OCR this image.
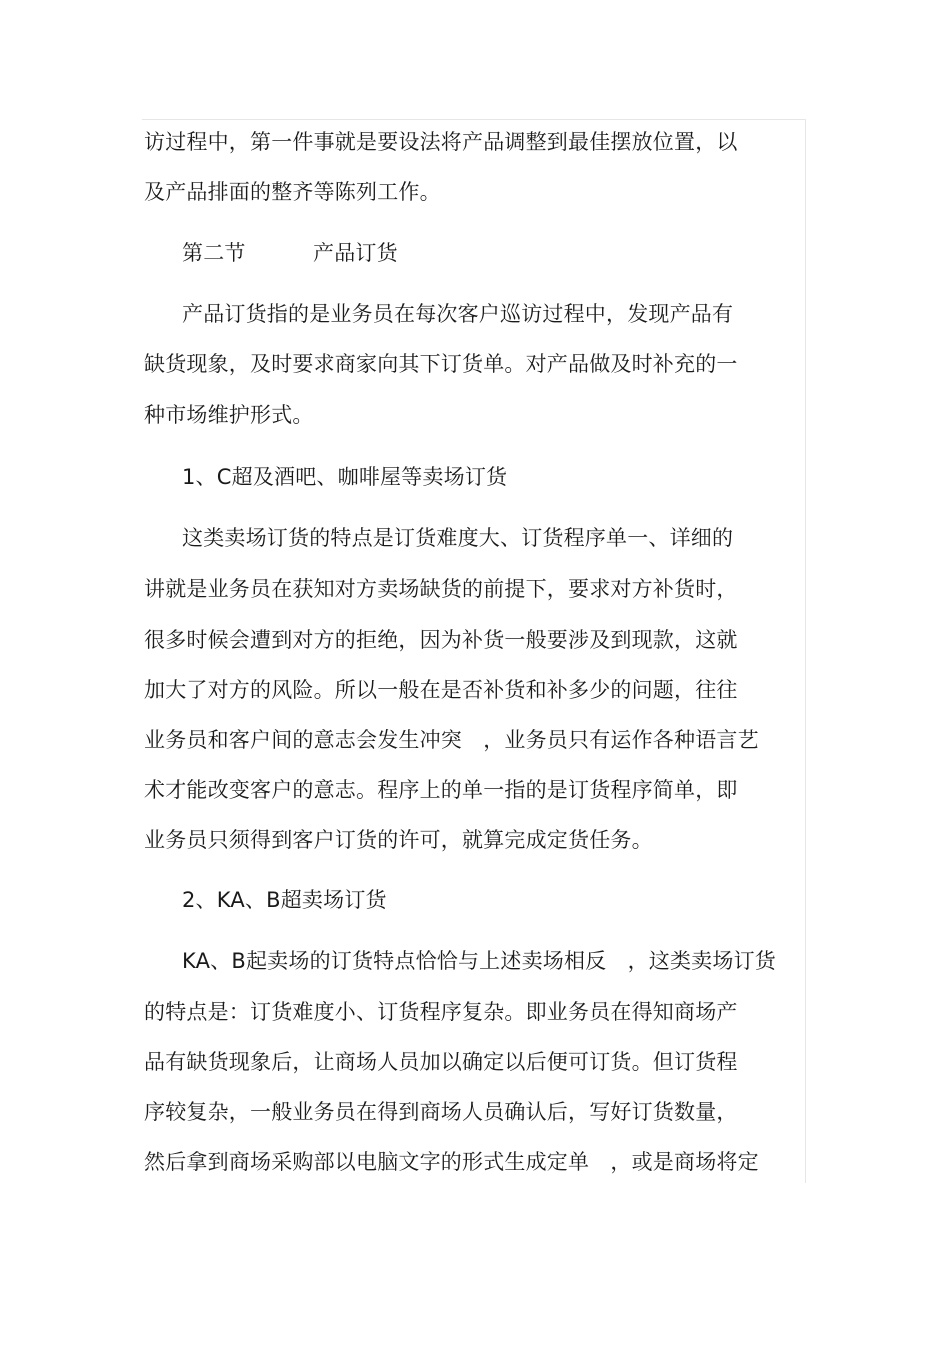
访过程中，第一件事就是要设法将产品调整到最佳摆放位置，以
及产品排面的整齐等陈列工作。
第二节	产品订货
产品订货指的是业务员在每次客户巡访过程中，发现产品有
缺货现象，及时要求商家向其下订货单。对产品做及时补充的一
种市场维护形式。
1、C超及酒吧、咖啡屋等卖场订货
这类卖场订货的特点是订货难度大、订货程序单一、详细的
讲就是业务员在获知对方卖场缺货的前提下，要求对方补货时，
很多时候会遭到对方的拒绝，因为补货一般要涉及到现款，这就
加大了对方的风险。所以一般在是否补货和补多少的问题，往往
业务员和客户间的意志会发生冲突　，业务员只有运作各种语言艺
术才能改变客户的意志。程序上的单一指的是订货程序简单，即
业务员只须得到客户订货的许可，就算完成定货任务。
2、KA、B超卖场订货
KA、B起卖场的订货特点恰恰与上述卖场相反　，这类卖场订货
的特点是：订货难度小、订货程序复杂。即业务员在得知商场产
品有缺货现象后，让商场人员加以确定以后便可订货。但订货程
序较复杂，一般业务员在得到商场人员确认后，写好订货数量，
然后拿到商场采购部以电脑文字的形式生成定单　，或是商场将定
